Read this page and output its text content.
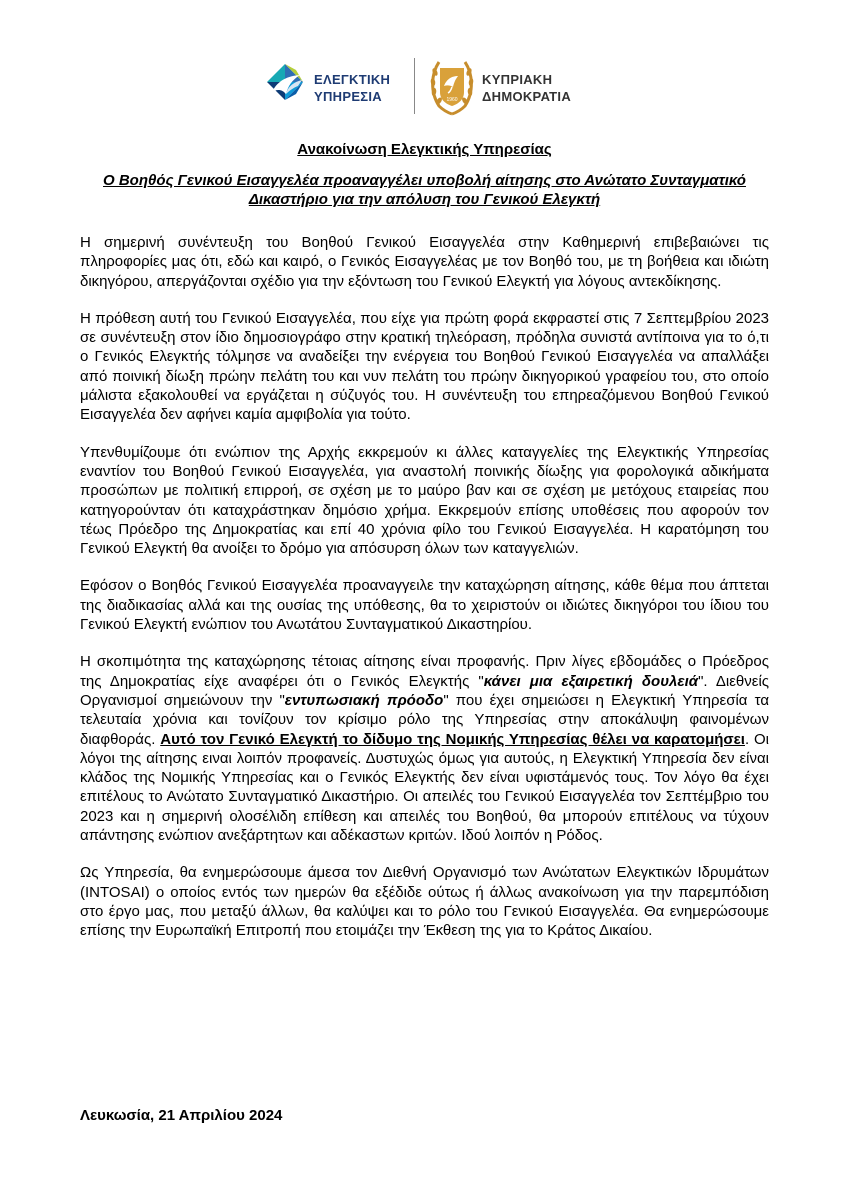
ΕΛΕΓΚΤΙΚΗ
ΥΠΗΡΕΣΙΑ	1960
ΚΥΠΡΙΑΚΗ
ΔΗΜΟΚΡΑΤΙΑ

Ανακοίνωση Ελεγκτικής Υπηρεσίας

Ο Βοηθός Γενικού Εισαγγελέα προαναγγέλει υποβολή αίτησης στο Ανώτατο Συνταγματικό Δικαστήριο για την απόλυση του Γενικού Ελεγκτή

Η σημερινή συνέντευξη του Βοηθού Γενικού Εισαγγελέα στην Καθημερινή επιβεβαιώνει τις πληροφορίες μας ότι, εδώ και καιρό, ο Γενικός Εισαγγελέας με τον Βοηθό του, με τη βοήθεια και ιδιώτη δικηγόρου, απεργάζονται σχέδιο για την εξόντωση του Γενικού Ελεγκτή για λόγους αντεκδίκησης.

Η πρόθεση αυτή του Γενικού Εισαγγελέα, που είχε για πρώτη φορά εκφραστεί στις 7 Σεπτεμβρίου 2023 σε συνέντευξη στον ίδιο δημοσιογράφο στην κρατική τηλεόραση, πρόδηλα συνιστά αντίποινα για το ό,τι ο Γενικός Ελεγκτής τόλμησε να αναδείξει την ενέργεια του Βοηθού Γενικού Εισαγγελέα να απαλλάξει από ποινική δίωξη πρώην πελάτη του και νυν πελάτη του πρώην δικηγορικού γραφείου του, στο οποίο μάλιστα εξακολουθεί να εργάζεται η σύζυγός του. Η συνέντευξη του επηρεαζόμενου Βοηθού Γενικού Εισαγγελέα δεν αφήνει καμία αμφιβολία για τούτο.

Υπενθυμίζουμε ότι ενώπιον της Αρχής εκκρεμούν κι άλλες καταγγελίες της Ελεγκτικής Υπηρεσίας εναντίον του Βοηθού Γενικού Εισαγγελέα, για αναστολή ποινικής δίωξης για φορολογικά αδικήματα προσώπων με πολιτική επιρροή, σε σχέση με το μαύρο βαν και σε σχέση με μετόχους εταιρείας που κατηγορούνταν ότι καταχράστηκαν δημόσιο χρήμα. Εκκρεμούν επίσης υποθέσεις που αφορούν τον τέως Πρόεδρο της Δημοκρατίας και επί 40 χρόνια φίλο του Γενικού Εισαγγελέα. Η καρατόμηση του Γενικού Ελεγκτή θα ανοίξει το δρόμο για απόσυρση όλων των καταγγελιών.

Εφόσον ο Βοηθός Γενικού Εισαγγελέα προαναγγειλε την καταχώρηση αίτησης, κάθε θέμα που άπτεται της διαδικασίας αλλά και της ουσίας της υπόθεσης, θα το χειριστούν οι ιδιώτες δικηγόροι του ίδιου του Γενικού Ελεγκτή ενώπιον του Ανωτάτου Συνταγματικού Δικαστηρίου.

Η σκοπιμότητα της καταχώρησης τέτοιας αίτησης είναι προφανής. Πριν λίγες εβδομάδες ο Πρόεδρος της Δημοκρατίας είχε αναφέρει ότι ο Γενικός Ελεγκτής "κάνει μια εξαιρετική δουλειά". Διεθνείς Οργανισμοί σημειώνουν την "εντυπωσιακή πρόοδο" που έχει σημειώσει η Ελεγκτική Υπηρεσία τα τελευταία χρόνια και τονίζουν τον κρίσιμο ρόλο της Υπηρεσίας στην αποκάλυψη φαινομένων διαφθοράς. Αυτό τον Γενικό Ελεγκτή το δίδυμο της Νομικής Υπηρεσίας θέλει να καρατομήσει. Οι λόγοι της αίτησης ειναι λοιπόν προφανείς. Δυστυχώς όμως για αυτούς, η Ελεγκτική Υπηρεσία δεν είναι κλάδος της Νομικής Υπηρεσίας και ο Γενικός Ελεγκτής δεν είναι υφιστάμενός τους. Τον λόγο θα έχει επιτέλους το Ανώτατο Συνταγματικό Δικαστήριο. Οι απειλές του Γενικού Εισαγγελέα τον Σεπτέμβριο του 2023 και η σημερινή ολοσέλιδη επίθεση και απειλές του Βοηθού, θα μπορούν επιτέλους να τύχουν απάντησης ενώπιον ανεξάρτητων και αδέκαστων κριτών. Ιδού λοιπόν η Ρόδος.

Ως Υπηρεσία, θα ενημερώσουμε άμεσα τον Διεθνή Οργανισμό των Ανώτατων Ελεγκτικών Ιδρυμάτων (INTOSAI) ο οποίος εντός των ημερών θα εξέδιδε ούτως ή άλλως ανακοίνωση για την παρεμπόδιση στο έργο μας, που μεταξύ άλλων, θα καλύψει και το ρόλο του Γενικού Εισαγγελέα. Θα ενημερώσουμε επίσης την Ευρωπαϊκή Επιτροπή που ετοιμάζει την Έκθεση της για το Κράτος Δικαίου.

Λευκωσία, 21 Απριλίου 2024
